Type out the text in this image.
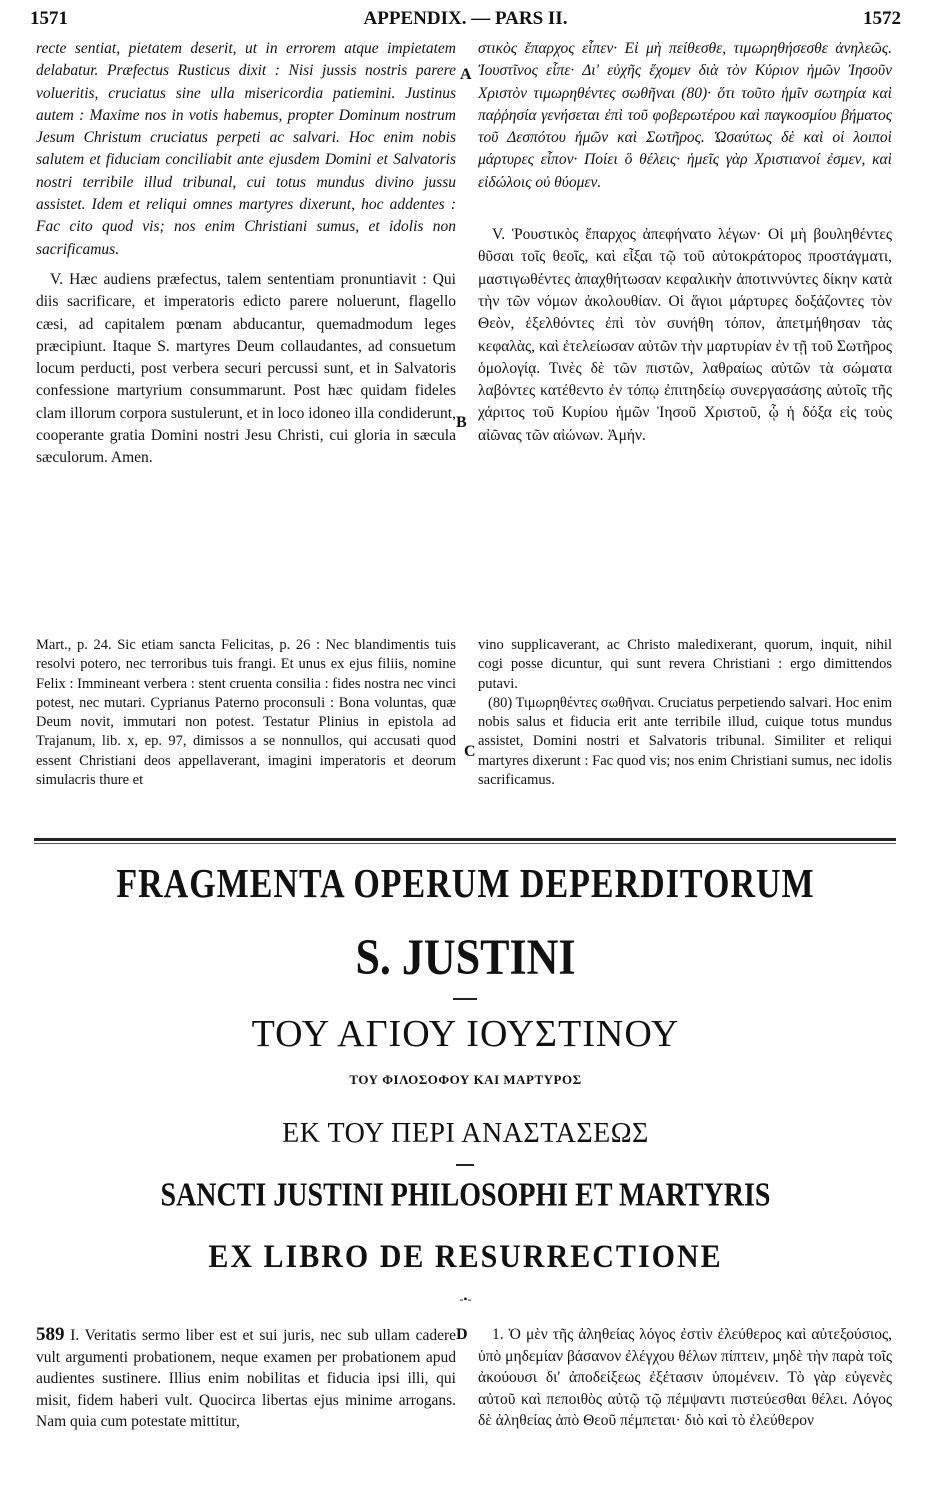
1571	APPENDIX. — PARS II.	1572

recte sentiat, pietatem deserit, ut in errorem atque impietatem delabatur. Præfectus Rusticus dixit : Nisi jussis nostris parere volueritis, cruciatus sine ulla misericordia patiemini. Justinus autem : Maxime nos in votis habemus, propter Dominum nostrum Jesum Christum cruciatus perpeti ac salvari. Hoc enim nobis salutem et fiduciam conciliabit ante ejusdem Domini et Salvatoris nostri terribile illud tribunal, cui totus mundus divino jussu assistet. Idem et reliqui omnes martyres dixerunt, hoc addentes : Fac cito quod vis; nos enim Christiani sumus, et idolis non sacrificamus.

V. Hæc audiens præfectus, talem sententiam pronuntiavit : Qui diis sacrificare, et imperatoris edicto parere noluerunt, flagello cæsi, ad capitalem pœnam abducantur, quemadmodum leges præcipiunt. Itaque S. martyres Deum collaudantes, ad consuetum locum perducti, post verbera securi percussi sunt, et in Salvatoris confessione martyrium consummarunt. Post hæc quidam fideles clam illorum corpora sustulerunt, et in loco idoneo illa condiderunt, cooperante gratia Domini nostri Jesu Christi, cui gloria in sæcula sæculorum. Amen.

στικὸς ἔπαρχος εἶπεν· Εἰ μὴ πείθεσθε, τιμωρηθήσεσθε ἀνηλεῶς. Ἰουστῖνος εἶπε· Δι' εὐχῆς ἔχομεν διὰ τὸν Κύριον ἡμῶν Ἰησοῦν Χριστὸν τιμωρηθέντες σωθῆναι (80)· ὅτι τοῦτο ἡμῖν σωτηρία καὶ παῤῥησία γενήσεται ἐπὶ τοῦ φοβερωτέρου καὶ παγκοσμίου βήματος τοῦ Δεσπότου ἡμῶν καὶ Σωτῆρος. Ὡσαύτως δὲ καὶ οἱ λοιποὶ μάρτυρες εἶπον· Ποίει ὃ θέλεις· ἡμεῖς γὰρ Χριστιανοί ἐσμεν, καὶ εἰδώλοις οὐ θύομεν.

V. Ῥουστικὸς ἔπαρχος ἀπεφήνατο λέγων· Οἱ μὴ βουληθέντες θῦσαι τοῖς θεοῖς, καὶ εἶξαι τῷ τοῦ αὐτοκράτορος προστάγματι, μαστιγωθέντες ἀπαχθήτωσαν κεφαλικὴν ἀποτιννύντες δίκην κατὰ τὴν τῶν νόμων ἀκολουθίαν. Οἱ ἅγιοι μάρτυρες δοξάζοντες τὸν Θεὸν, ἐξελθόντες ἐπὶ τὸν συνήθη τόπον, ἀπετμήθησαν τὰς κεφαλὰς, καὶ ἐτελείωσαν αὐτῶν τὴν μαρτυρίαν ἐν τῇ τοῦ Σωτῆρος ὁμολογίᾳ. Τινὲς δὲ τῶν πιστῶν, λαθραίως αὐτῶν τὰ σώματα λαβόντες κατέθεντο ἐν τόπῳ ἐπιτηδείῳ συνεργασάσης αὐτοῖς τῆς χάριτος τοῦ Κυρίου ἡμῶν Ἰησοῦ Χριστοῦ, ᾧ ἡ δόξα εἰς τοὺς αἰῶνας τῶν αἰώνων. Ἀμήν.

A
B
C
D

Mart., p. 24. Sic etiam sancta Felicitas, p. 26 : Nec blandimentis tuis resolvi potero, nec terroribus tuis frangi. Et unus ex ejus filiis, nomine Felix : Immineant verbera : stent cruenta consilia : fides nostra nec vinci potest, nec mutari. Cyprianus Paterno proconsuli : Bona voluntas, quæ Deum novit, immutari non potest. Testatur Plinius in epistola ad Trajanum, lib. x, ep. 97, dimissos a se nonnullos, qui accusati quod essent Christiani deos appellaverant, imagini imperatoris et deorum simulacris thure et

vino supplicaverant, ac Christo maledixerant, quorum, inquit, nihil cogi posse dicuntur, qui sunt revera Christiani : ergo dimittendos putavi.

(80) Τιμωρηθέντες σωθῆναι. Cruciatus perpetiendo salvari. Hoc enim nobis salus et fiducia erit ante terribile illud, cuique totus mundus assistet, Domini nostri et Salvatoris tribunal. Similiter et reliqui martyres dixerunt : Fac quod vis; nos enim Christiani sumus, nec idolis sacrificamus.

FRAGMENTA OPERUM DEPERDITORUM
S. JUSTINI
ΤΟΥ ΑΓΙΟΥ ΙΟΥΣΤΙΝΟΥ
ΤΟΥ ΦΙΛΟΣΟΦΟΥ ΚΑΙ ΜΑΡΤΥΡΟΣ
ΕΚ ΤΟΥ ΠΕΡΙ ΑΝΑΣΤΑΣΕΩΣ
SANCTI JUSTINI PHILOSOPHI ET MARTYRIS
EX LIBRO DE RESURRECTIONE
-•-

589 I. Veritatis sermo liber est et sui juris, nec sub ullam cadere vult argumenti probationem, neque examen per probationem apud audientes sustinere. Illius enim nobilitas et fiducia ipsi illi, qui misit, fidem haberi vult. Quocirca libertas ejus minime arrogans. Nam quia cum potestate mittitur,

1. Ὁ μὲν τῆς ἀληθείας λόγος ἐστὶν ἐλεύθερος καὶ αὐτεξούσιος, ὑπὸ μηδεμίαν βάσανον ἐλέγχου θέλων πίπτειν, μηδὲ τὴν παρὰ τοῖς ἀκούουσι δι' ἀποδείξεως ἐξέτασιν ὑπομένειν. Τὸ γὰρ εὐγενὲς αὐτοῦ καὶ πεποιθὸς αὐτῷ τῷ πέμψαντι πιστεύεσθαι θέλει. Λόγος δὲ ἀληθείας ἀπὸ Θεοῦ πέμπεται· διὸ καὶ τὸ ἐλεύθερον
